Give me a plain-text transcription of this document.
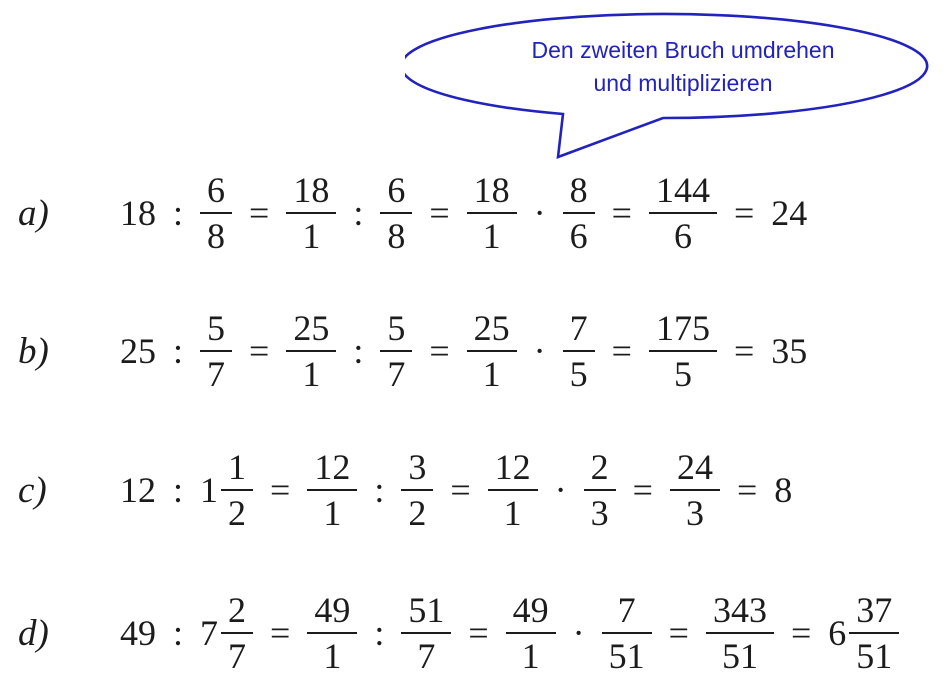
Den zweiten Bruch umdrehen
und multiplizieren
a)	18 : $\frac{6}{8} = \frac{18}{1}$ : $\frac{6}{8} = \frac{18}{1} \cdot \frac{8}{6} = \frac{144}{6} = 24$
b)	25 : $\frac{5}{7} = \frac{25}{1}$ : $\frac{5}{7} = \frac{25}{1} \cdot \frac{7}{5} = \frac{175}{5} = 35$
c)	12 : $1 \frac{1}{2} = \frac{12}{1}$ : $\frac{3}{2} = \frac{12}{1} \cdot \frac{2}{3} = \frac{24}{3} = 8$
d)	49 : $7 \frac{2}{7} = \frac{49}{1}$ : $\frac{51}{7} = \frac{49}{1} \cdot \frac{7}{51} = \frac{343}{51} = 6 \frac{37}{51}$
